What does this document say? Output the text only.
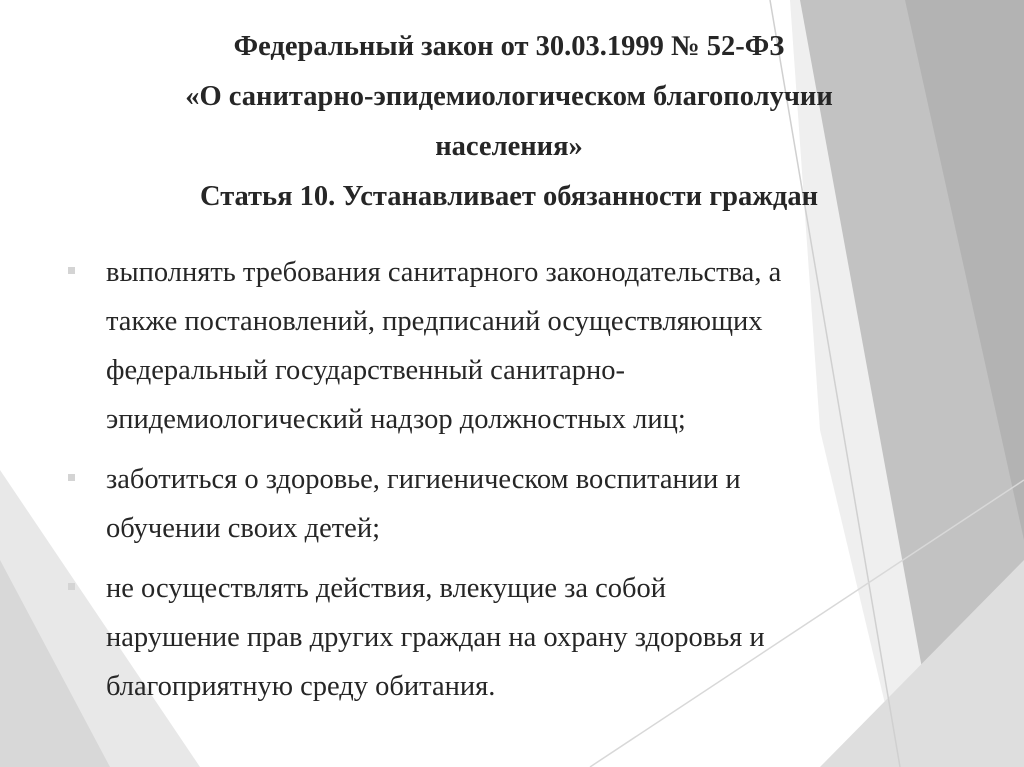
Федеральный закон от 30.03.1999 № 52-ФЗ
«О санитарно-эпидемиологическом благополучии
населения»
Статья 10. Устанавливает обязанности граждан
выполнять требования санитарного законодательства, а
также постановлений, предписаний осуществляющих
федеральный государственный санитарно-
эпидемиологический надзор должностных лиц;
заботиться о здоровье, гигиеническом воспитании и
обучении своих детей;
не осуществлять действия, влекущие за собой
нарушение прав других граждан на охрану здоровья и
благоприятную среду обитания.
